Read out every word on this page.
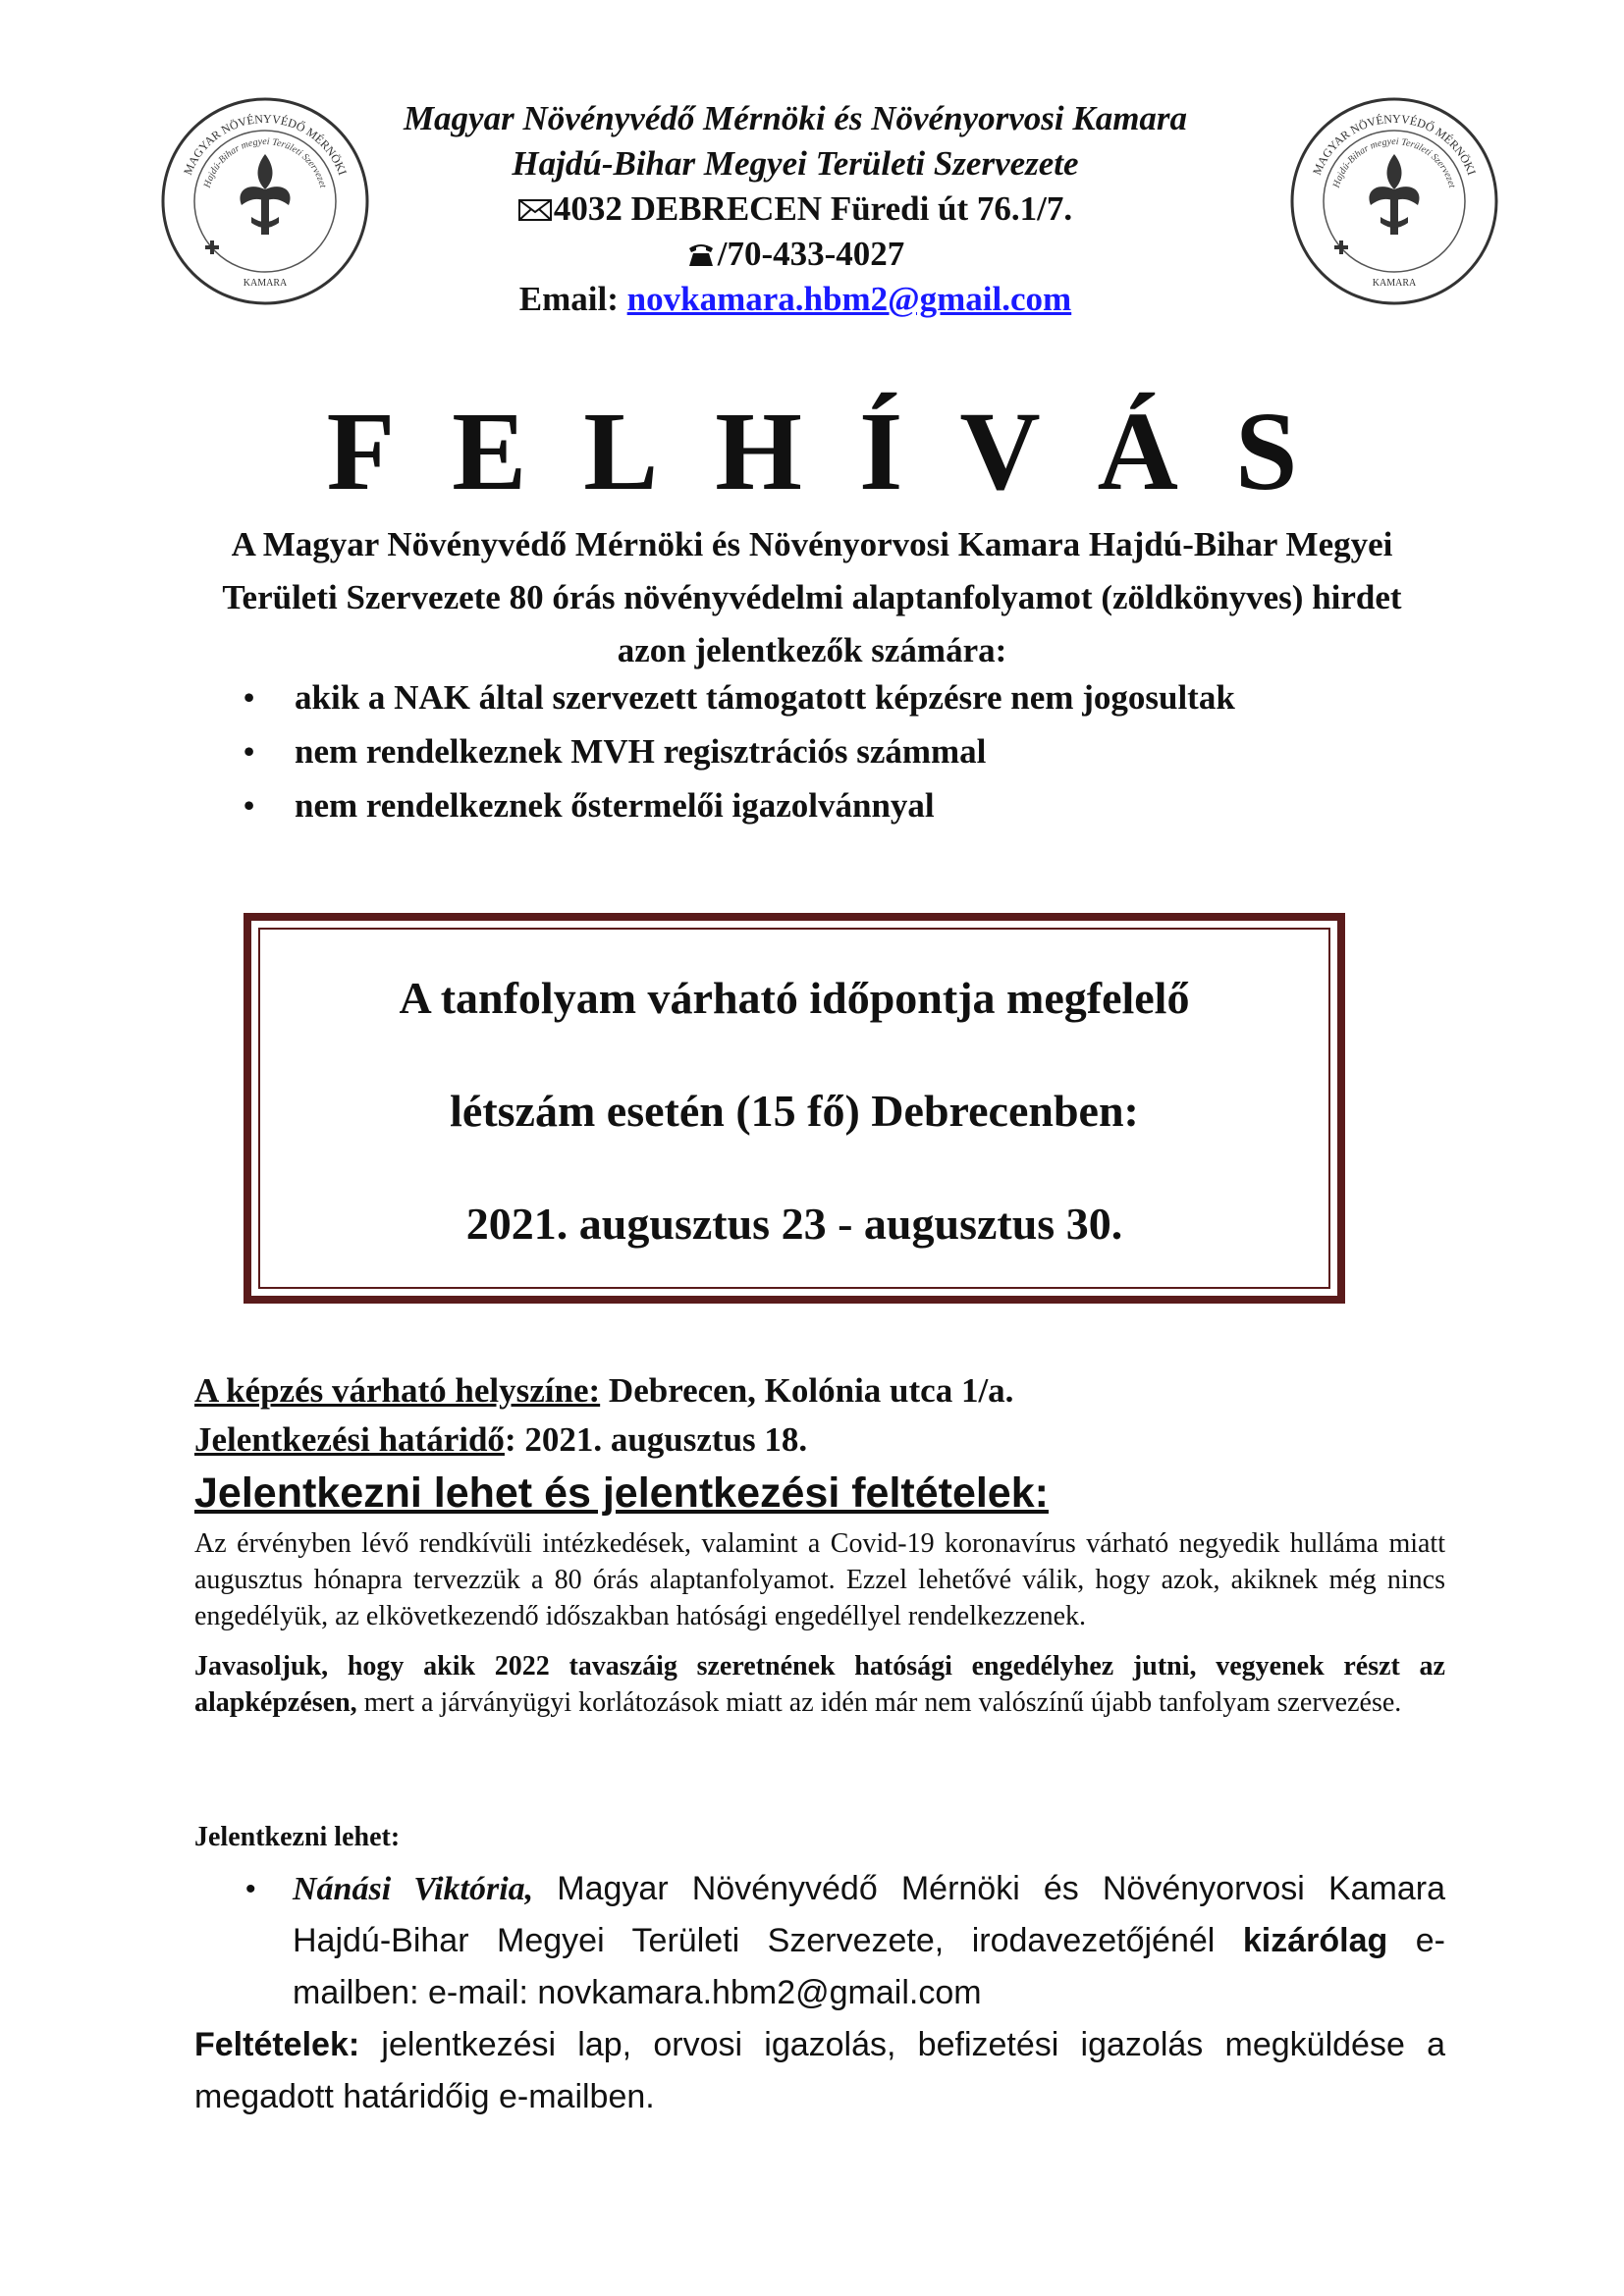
MAGYAR NÖVÉNYVÉDŐ MÉRNÖKI
Hajdú-Bihar megyei Területi Szervezet
KAMARA
MAGYAR NÖVÉNYVÉDŐ MÉRNÖKI
Hajdú-Bihar megyei Területi Szervezet
KAMARA
Magyar Növényvédő Mérnöki és Növényorvosi Kamara
Hajdú-Bihar Megyei Területi Szervezete
4032 DEBRECEN Füredi út 76.1/7.
/70-433-4027
Email: novkamara.hbm2@gmail.com
FELHÍVÁS
A Magyar Növényvédő Mérnöki és Növényorvosi Kamara Hajdú-Bihar Megyei Területi Szervezete 80 órás növényvédelmi alaptanfolyamot (zöldkönyves) hirdet azon jelentkezők számára:
• akik a NAK által szervezett támogatott képzésre nem jogosultak
• nem rendelkeznek MVH regisztrációs számmal
• nem rendelkeznek őstermelői igazolvánnyal
A tanfolyam várható időpontja megfelelő
létszám esetén (15 fő) Debrecenben:
2021. augusztus 23 - augusztus 30.
A képzés várható helyszíne: Debrecen, Kolónia utca 1/a.
Jelentkezési határidő: 2021. augusztus 18.
Jelentkezni lehet és jelentkezési feltételek:
Az érvényben lévő rendkívüli intézkedések, valamint a Covid-19 koronavírus várható negyedik hulláma miatt augusztus hónapra tervezzük a 80 órás alaptanfolyamot. Ezzel lehetővé válik, hogy azok, akiknek még nincs engedélyük, az elkövetkezendő időszakban hatósági engedéllyel rendelkezzenek.
Javasoljuk, hogy akik 2022 tavaszáig szeretnének hatósági engedélyhez jutni, vegyenek részt az alapképzésen, mert a járványügyi korlátozások miatt az idén már nem valószínű újabb tanfolyam szervezése.
Jelentkezni lehet:
• Nánási Viktória, Magyar Növényvédő Mérnöki és Növényorvosi Kamara Hajdú-Bihar Megyei Területi Szervezete, irodavezetőjénél kizárólag e-mailben: e-mail: novkamara.hbm2@gmail.com
Feltételek: jelentkezési lap, orvosi igazolás, befizetési igazolás megküldése a megadott határidőig e-mailben.
